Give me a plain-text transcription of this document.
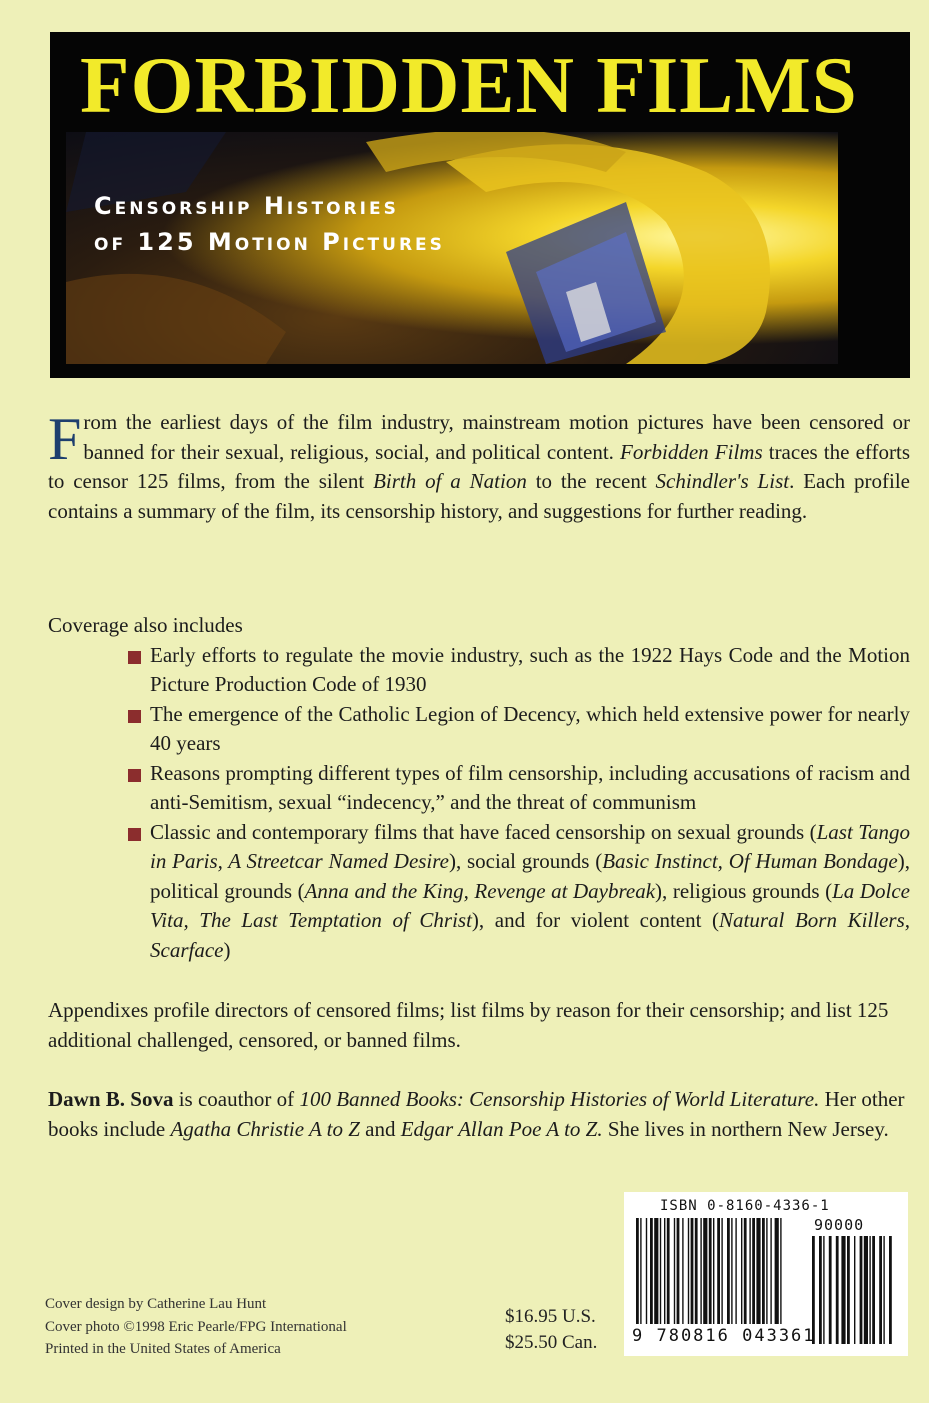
FORBIDDEN FILMS
Censorship Histories
of 125 Motion Pictures
From the earliest days of the film industry, mainstream motion pictures have been censored or banned for their sexual, religious, social, and political content. Forbidden Films traces the efforts to censor 125 films, from the silent Birth of a Nation to the recent Schindler's List. Each profile contains a summary of the film, its censorship history, and suggestions for further reading.
Coverage also includes
Early efforts to regulate the movie industry, such as the 1922 Hays Code and the Motion Picture Production Code of 1930
The emergence of the Catholic Legion of Decency, which held extensive power for nearly 40 years
Reasons prompting different types of film censorship, including accusations of racism and anti-Semitism, sexual “indecency,” and the threat of communism
Classic and contemporary films that have faced censorship on sexual grounds (Last Tango in Paris, A Streetcar Named Desire), social grounds (Basic Instinct, Of Human Bondage), political grounds (Anna and the King, Revenge at Daybreak), religious grounds (La Dolce Vita, The Last Temptation of Christ), and for violent content (Natural Born Killers, Scarface)
Appendixes profile directors of censored films; list films by reason for their censorship; and list 125 additional challenged, censored, or banned films.
Dawn B. Sova is coauthor of 100 Banned Books: Censorship Histories of World Literature. Her other books include Agatha Christie A to Z and Edgar Allan Poe A to Z. She lives in northern New Jersey.
Cover design by Catherine Lau Hunt
Cover photo ©1998 Eric Pearle/FPG International
Printed in the United States of America
$16.95 U.S.
$25.50 Can.
ISBN 0-8160-4336-1
90000
9 780816 043361
